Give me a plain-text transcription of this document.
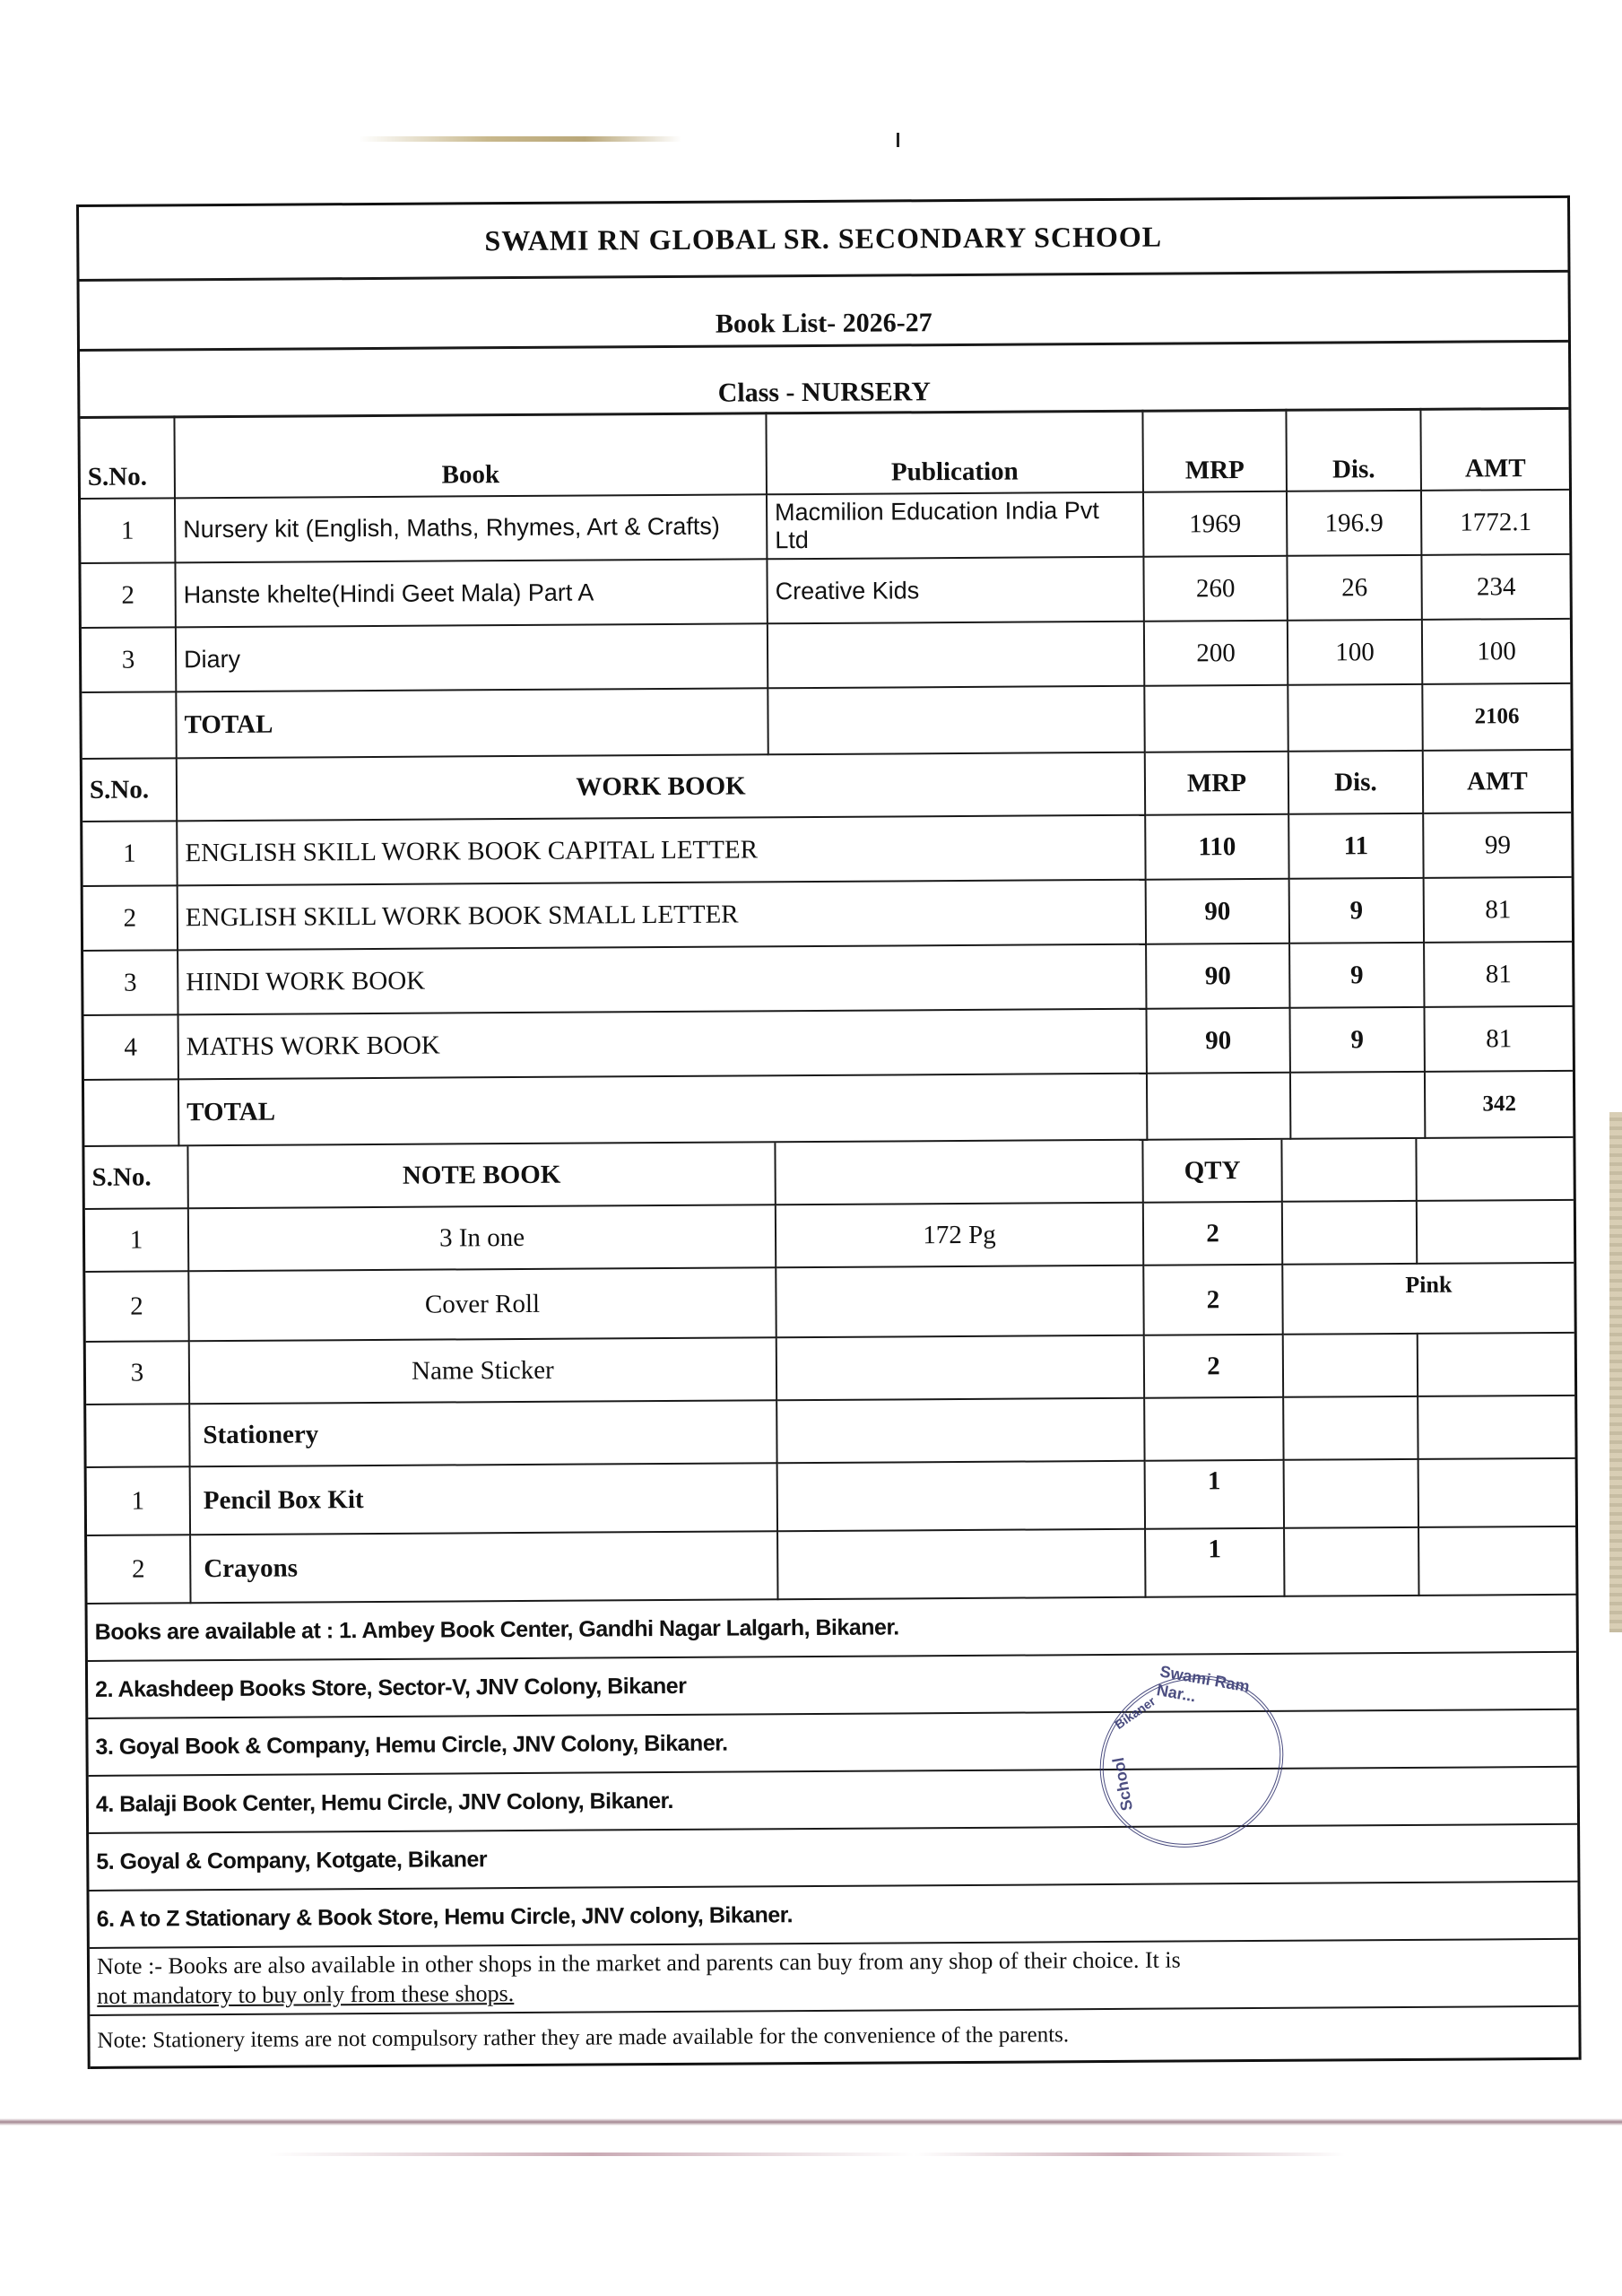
SWAMI RN GLOBAL SR. SECONDARY SCHOOL
Book List- 2026-27
Class - NURSERY
S.No.	Book	Publication	MRP	Dis.	AMT
1	Nursery kit (English, Maths, Rhymes, Art & Crafts)	Macmilion Education India Pvt Ltd	1969	196.9	1772.1
2	Hanste khelte(Hindi Geet Mala) Part A	Creative Kids	260	26	234
3	Diary		200	100	100
	TOTAL				2106
S.No.	WORK BOOK	MRP	Dis.	AMT
1	ENGLISH SKILL WORK BOOK CAPITAL LETTER	110	11	99
2	ENGLISH SKILL WORK BOOK SMALL LETTER	90	9	81
3	HINDI WORK BOOK	90	9	81
4	MATHS WORK BOOK	90	9	81
	TOTAL			342
S.No.	NOTE BOOK		QTY		
1	3 In one	172 Pg	2		
2	Cover Roll		2	Pink	
3	Name Sticker		2		
	Stationery				
1	Pencil Box Kit		1		
2	Crayons		1		
Books are available at : 1. Ambey Book Center, Gandhi Nagar Lalgarh, Bikaner.
2. Akashdeep Books Store, Sector-V, JNV Colony, Bikaner
3. Goyal Book & Company, Hemu Circle, JNV Colony, Bikaner.
4. Balaji Book Center, Hemu Circle, JNV Colony, Bikaner.
5. Goyal & Company, Kotgate, Bikaner
6. A to Z Stationary & Book Store, Hemu Circle, JNV colony, Bikaner.

Note :- Books are also available in other shops in the market and parents can buy from any shop of their choice. It is
not mandatory to buy only from these shops.

Note: Stationery items are not compulsory rather they are made available for the convenience of the parents.
Swami Ram Nar...
School
Bikaner
